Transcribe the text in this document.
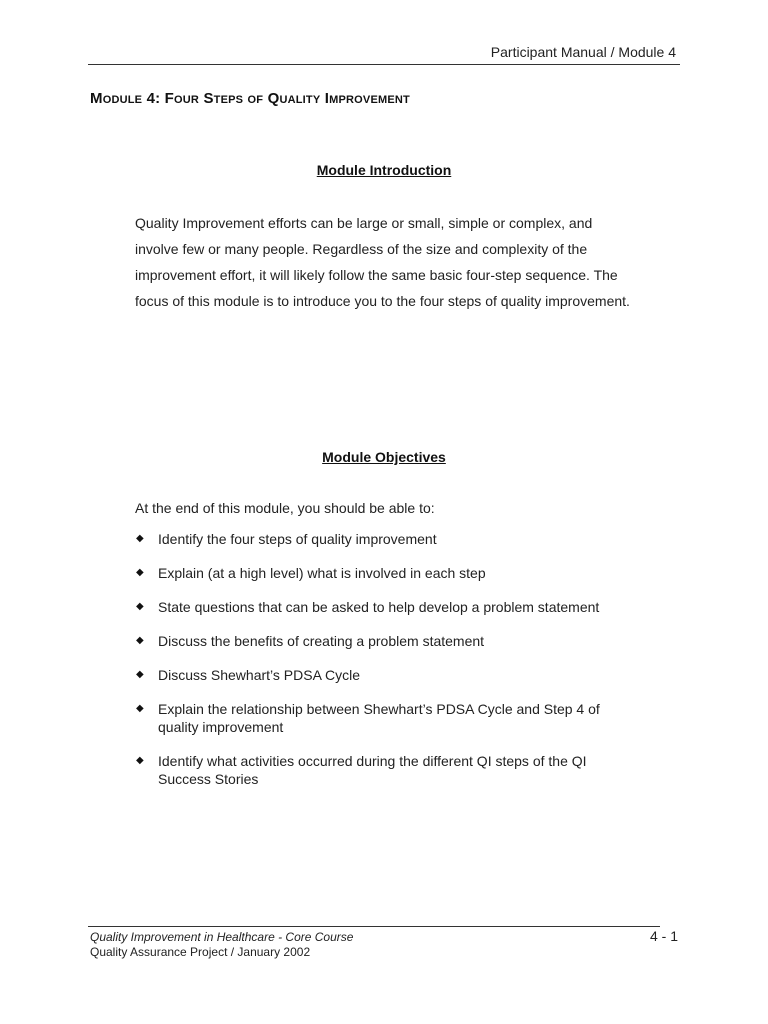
Participant Manual / Module 4
Module 4: Four Steps of Quality Improvement
Module Introduction
Quality Improvement efforts can be large or small, simple or complex, and involve few or many people. Regardless of the size and complexity of the improvement effort, it will likely follow the same basic four-step sequence. The focus of this module is to introduce you to the four steps of quality improvement.
Module Objectives
At the end of this module, you should be able to:
◆ Identify the four steps of quality improvement
◆ Explain (at a high level) what is involved in each step
◆ State questions that can be asked to help develop a problem statement
◆ Discuss the benefits of creating a problem statement
◆ Discuss Shewhart’s PDSA Cycle
◆ Explain the relationship between Shewhart’s PDSA Cycle and Step 4 of quality improvement
◆ Identify what activities occurred during the different QI steps of the QI Success Stories
Quality Improvement in Healthcare - Core Course
Quality Assurance Project / January 2002
4 - 1
